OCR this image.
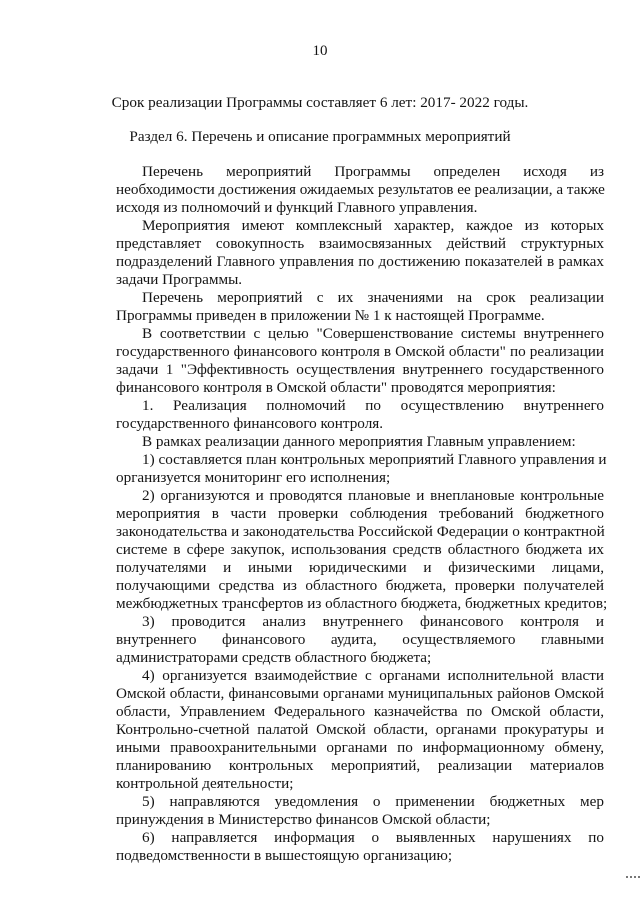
10
Срок реализации Программы составляет 6 лет: 2017- 2022 годы.
Раздел 6. Перечень и описание программных мероприятий
Перечень мероприятий Программы определен исходя из
необходимости достижения ожидаемых результатов ее реализации, а также
исходя из полномочий и функций Главного управления.
Мероприятия имеют комплексный характер, каждое из которых
представляет совокупность взаимосвязанных действий структурных
подразделений Главного управления по достижению показателей в рамках
задачи Программы.
Перечень мероприятий с их значениями на срок реализации
Программы приведен в приложении № 1 к настоящей Программе.
В соответствии с целью "Совершенствование системы внутреннего
государственного финансового контроля в Омской области" по реализации
задачи 1 "Эффективность осуществления внутреннего государственного
финансового контроля в Омской области" проводятся мероприятия:
1. Реализация полномочий по осуществлению внутреннего
государственного финансового контроля.
В рамках реализации данного мероприятия Главным управлением:
1) составляется план контрольных мероприятий Главного управления и
организуется мониторинг его исполнения;
2) организуются и проводятся плановые и внеплановые контрольные
мероприятия в части проверки соблюдения требований бюджетного
законодательства и законодательства Российской Федерации о контрактной
системе в сфере закупок, использования средств областного бюджета их
получателями и иными юридическими и физическими лицами,
получающими средства из областного бюджета, проверки получателей
межбюджетных трансфертов из областного бюджета, бюджетных кредитов;
3) проводится анализ внутреннего финансового контроля и
внутреннего финансового аудита, осуществляемого главными
администраторами средств областного бюджета;
4) организуется взаимодействие с органами исполнительной власти
Омской области, финансовыми органами муниципальных районов Омской
области, Управлением Федерального казначейства по Омской области,
Контрольно-счетной палатой Омской области, органами прокуратуры и
иными правоохранительными органами по информационному обмену,
планированию контрольных мероприятий, реализации материалов
контрольной деятельности;
5) направляются уведомления о применении бюджетных мер
принуждения в Министерство финансов Омской области;
6) направляется информация о выявленных нарушениях по
подведомственности в вышестоящую организацию;
